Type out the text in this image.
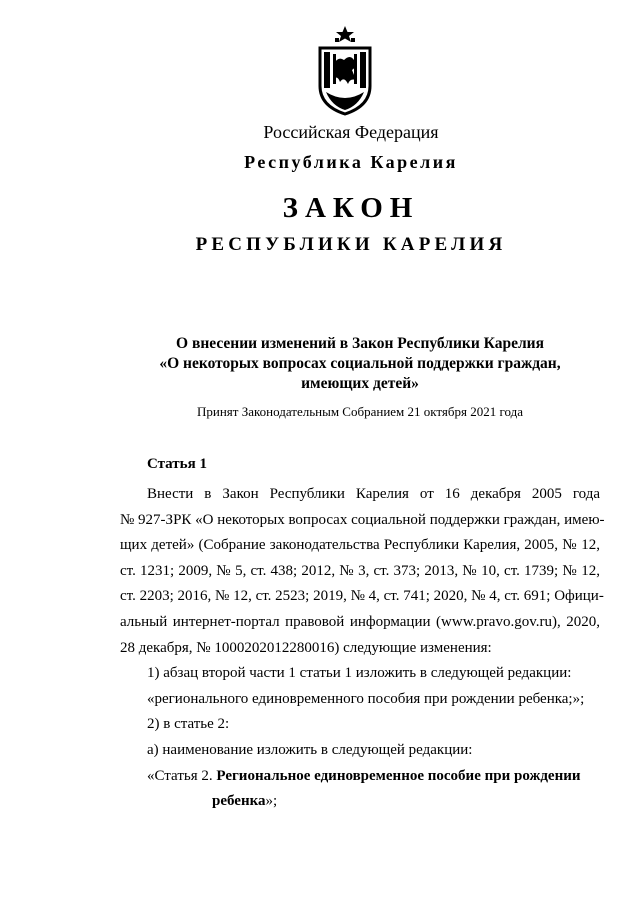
Российская Федерация
Республика Карелия
ЗАКОН
РЕСПУБЛИКИ КАРЕЛИЯ
О внесении изменений в Закон Республики Карелия
«О некоторых вопросах социальной поддержки граждан,
имеющих детей»
Принят Законодательным Собранием 21 октября 2021 года
Статья 1
Внести в Закон Республики Карелия от 16 декабря 2005 года
№ 927-ЗРК «О некоторых вопросах социальной поддержки граждан, имею-
щих детей» (Собрание законодательства Республики Карелия, 2005, № 12,
ст. 1231; 2009, № 5, ст. 438; 2012, № 3, ст. 373; 2013, № 10, ст. 1739; № 12,
ст. 2203; 2016, № 12, ст. 2523; 2019, № 4, ст. 741; 2020, № 4, ст. 691; Офици-
альный интернет-портал правовой информации (www.pravo.gov.ru), 2020,
28 декабря, № 1000202012280016) следующие изменения:
1) абзац второй части 1 статьи 1 изложить в следующей редакции:
«регионального единовременного пособия при рождении ребенка;»;
2) в статье 2:
а) наименование изложить в следующей редакции:
«Статья 2. Региональное единовременное пособие при рождении
ребенка»;
